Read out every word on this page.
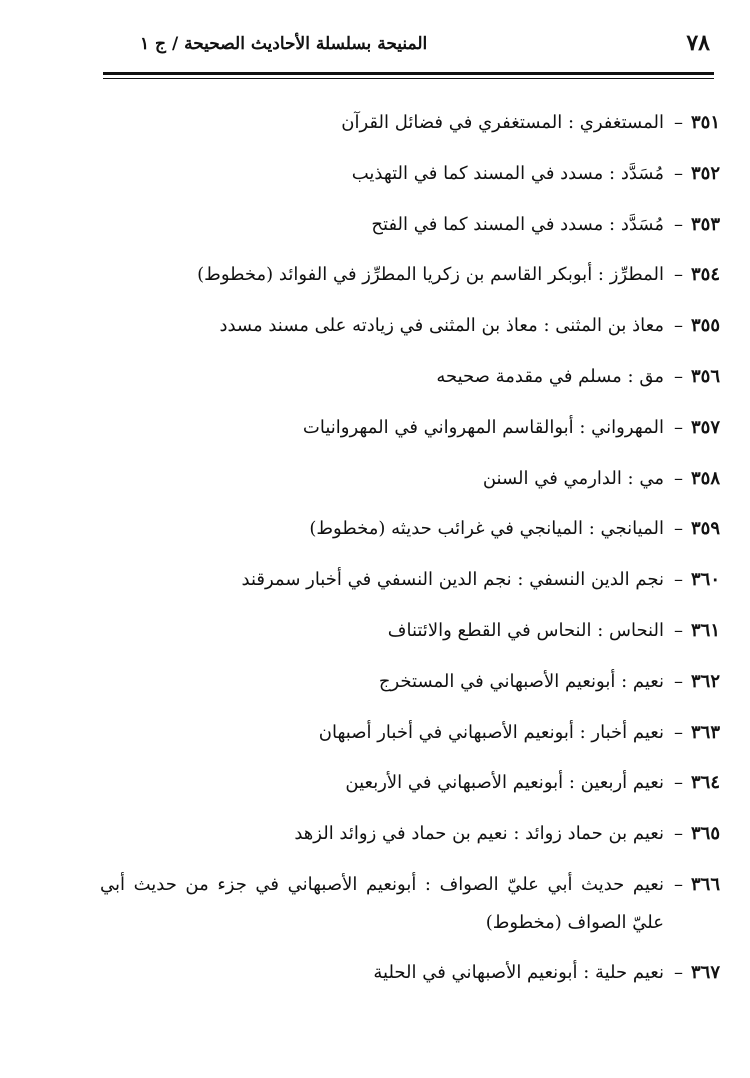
٧٨
المنيحة بسلسلة الأحاديث الصحيحة / ج ١
٣٥١
–
المستغفري : المستغفري في فضائل القرآن
٣٥٢
–
مُسَدَّد : مسدد في المسند كما في التهذيب
٣٥٣
–
مُسَدَّد : مسدد في المسند كما في الفتح
٣٥٤
–
المطرِّز : أبوبكر القاسم بن زكريا المطرِّز في الفوائد (مخطوط)
٣٥٥
–
معاذ بن المثنى : معاذ بن المثنى في زيادته على مسند مسدد
٣٥٦
–
مق : مسلم في مقدمة صحيحه
٣٥٧
–
المهرواني : أبوالقاسم المهرواني في المهروانيات
٣٥٨
–
مي : الدارمي في السنن
٣٥٩
–
الميانجي : الميانجي في غرائب حديثه (مخطوط)
٣٦٠
–
نجم الدين النسفي : نجم الدين النسفي في أخبار سمرقند
٣٦١
–
النحاس : النحاس في القطع والائتناف
٣٦٢
–
نعيم : أبونعيم الأصبهاني في المستخرج
٣٦٣
–
نعيم أخبار : أبونعيم الأصبهاني في أخبار أصبهان
٣٦٤
–
نعيم أربعين : أبونعيم الأصبهاني في الأربعين
٣٦٥
–
نعيم بن حماد زوائد : نعيم بن حماد في زوائد الزهد
٣٦٦
–
نعيم حديث أبي عليّ الصواف : أبونعيم الأصبهاني في جزء من حديث أبي عليّ الصواف (مخطوط)
٣٦٧
–
نعيم حلية : أبونعيم الأصبهاني في الحلية
